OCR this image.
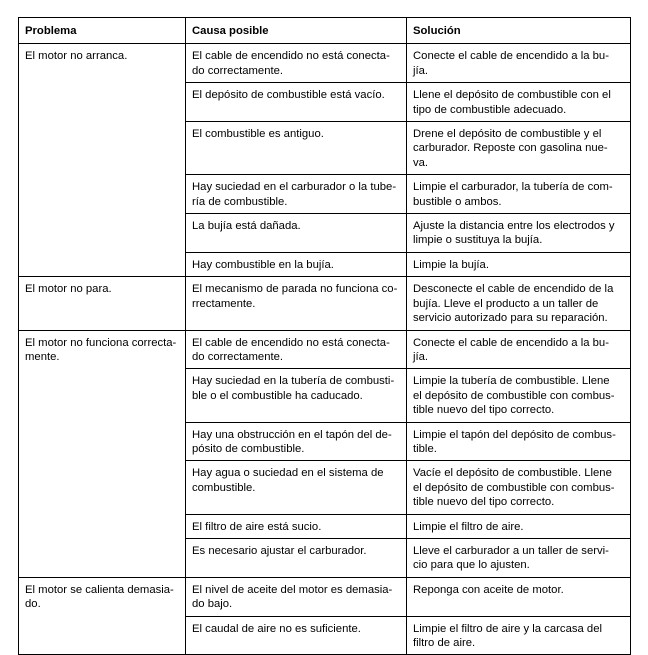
Problema	Causa posible	Solución

El motor no arranca.	El cable de encendido no está conecta-
do correctamente.	Conecte el cable de encendido a la bu-
jía.

	El depósito de combustible está vacío.	Llene el depósito de combustible con el
tipo de combustible adecuado.

	El combustible es antiguo.	Drene el depósito de combustible y el
carburador. Reposte con gasolina nue-
va.

	Hay suciedad en el carburador o la tube-
ría de combustible.	Limpie el carburador, la tubería de com-
bustible o ambos.

	La bujía está dañada.	Ajuste la distancia entre los electrodos y
limpie o sustituya la bujía.

	Hay combustible en la bujía.	Limpie la bujía.

El motor no para.	El mecanismo de parada no funciona co-
rrectamente.	Desconecte el cable de encendido de la
bujía. Lleve el producto a un taller de
servicio autorizado para su reparación.

El motor no funciona correcta-
mente.	El cable de encendido no está conecta-
do correctamente.	Conecte el cable de encendido a la bu-
jía.

	Hay suciedad en la tubería de combusti-
ble o el combustible ha caducado.	Limpie la tubería de combustible. Llene
el depósito de combustible con combus-
tible nuevo del tipo correcto.

	Hay una obstrucción en el tapón del de-
pósito de combustible.	Limpie el tapón del depósito de combus-
tible.

	Hay agua o suciedad en el sistema de
combustible.	Vacíe el depósito de combustible. Llene
el depósito de combustible con combus-
tible nuevo del tipo correcto.

	El filtro de aire está sucio.	Limpie el filtro de aire.

	Es necesario ajustar el carburador.	Lleve el carburador a un taller de servi-
cio para que lo ajusten.

El motor se calienta demasia-
do.	El nivel de aceite del motor es demasia-
do bajo.	Reponga con aceite de motor.

	El caudal de aire no es suficiente.	Limpie el filtro de aire y la carcasa del
filtro de aire.
